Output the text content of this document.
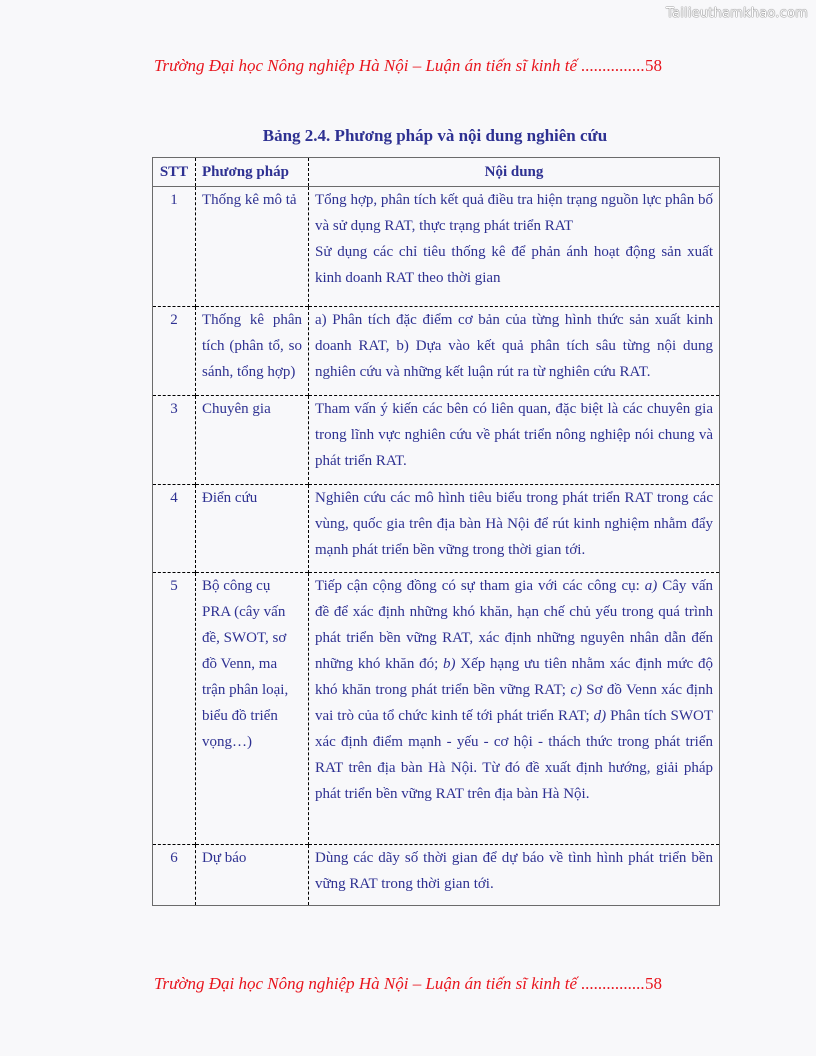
Tailieuthamkhao.com
Trường Đại học Nông nghiệp Hà Nội – Luận án tiến sĩ kinh tế ...............58
Bảng 2.4. Phương pháp và nội dung nghiên cứu
STT	Phương pháp	Nội dung
1	Thống kê mô tả	Tổng hợp, phân tích kết quả điều tra hiện trạng nguồn lực phân bố và sử dụng RAT, thực trạng phát triển RAT
Sử dụng các chỉ tiêu thống kê để phản ánh hoạt động sản xuất kinh doanh RAT theo thời gian

2	Thống kê phân tích (phân tổ, so sánh, tổng hợp)	a) Phân tích đặc điểm cơ bản của từng hình thức sản xuất kinh doanh RAT, b) Dựa vào kết quả phân tích sâu từng nội dung nghiên cứu và những kết luận rút ra từ nghiên cứu RAT.
3	Chuyên gia	Tham vấn ý kiến các bên có liên quan, đặc biệt là các chuyên gia trong lĩnh vực nghiên cứu về phát triển nông nghiệp nói chung và phát triển RAT.
4	Điển cứu	Nghiên cứu các mô hình tiêu biểu trong phát triển RAT trong các vùng, quốc gia trên địa bàn Hà Nội để rút kinh nghiệm nhằm đẩy mạnh phát triển bền vững trong thời gian tới.
5	Bộ công cụ PRA (cây vấn đề, SWOT, sơ đồ Venn, ma trận phân loại, biểu đồ triển vọng…)	Tiếp cận cộng đồng có sự tham gia với các công cụ: a) Cây vấn đề để xác định những khó khăn, hạn chế chủ yếu trong quá trình phát triển bền vững RAT, xác định những nguyên nhân dẫn đến những khó khăn đó; b) Xếp hạng ưu tiên nhằm xác định mức độ khó khăn trong phát triển bền vững RAT; c) Sơ đồ Venn xác định vai trò của tổ chức kinh tế tới phát triển RAT; d) Phân tích SWOT xác định điểm mạnh - yếu - cơ hội - thách thức trong phát triển RAT trên địa bàn Hà Nội. Từ đó đề xuất định hướng, giải pháp phát triển bền vững RAT trên địa bàn Hà Nội.
6	Dự báo	Dùng các dãy số thời gian để dự báo về tình hình phát triển bền vững RAT trong thời gian tới.
Trường Đại học Nông nghiệp Hà Nội – Luận án tiến sĩ kinh tế ...............58
